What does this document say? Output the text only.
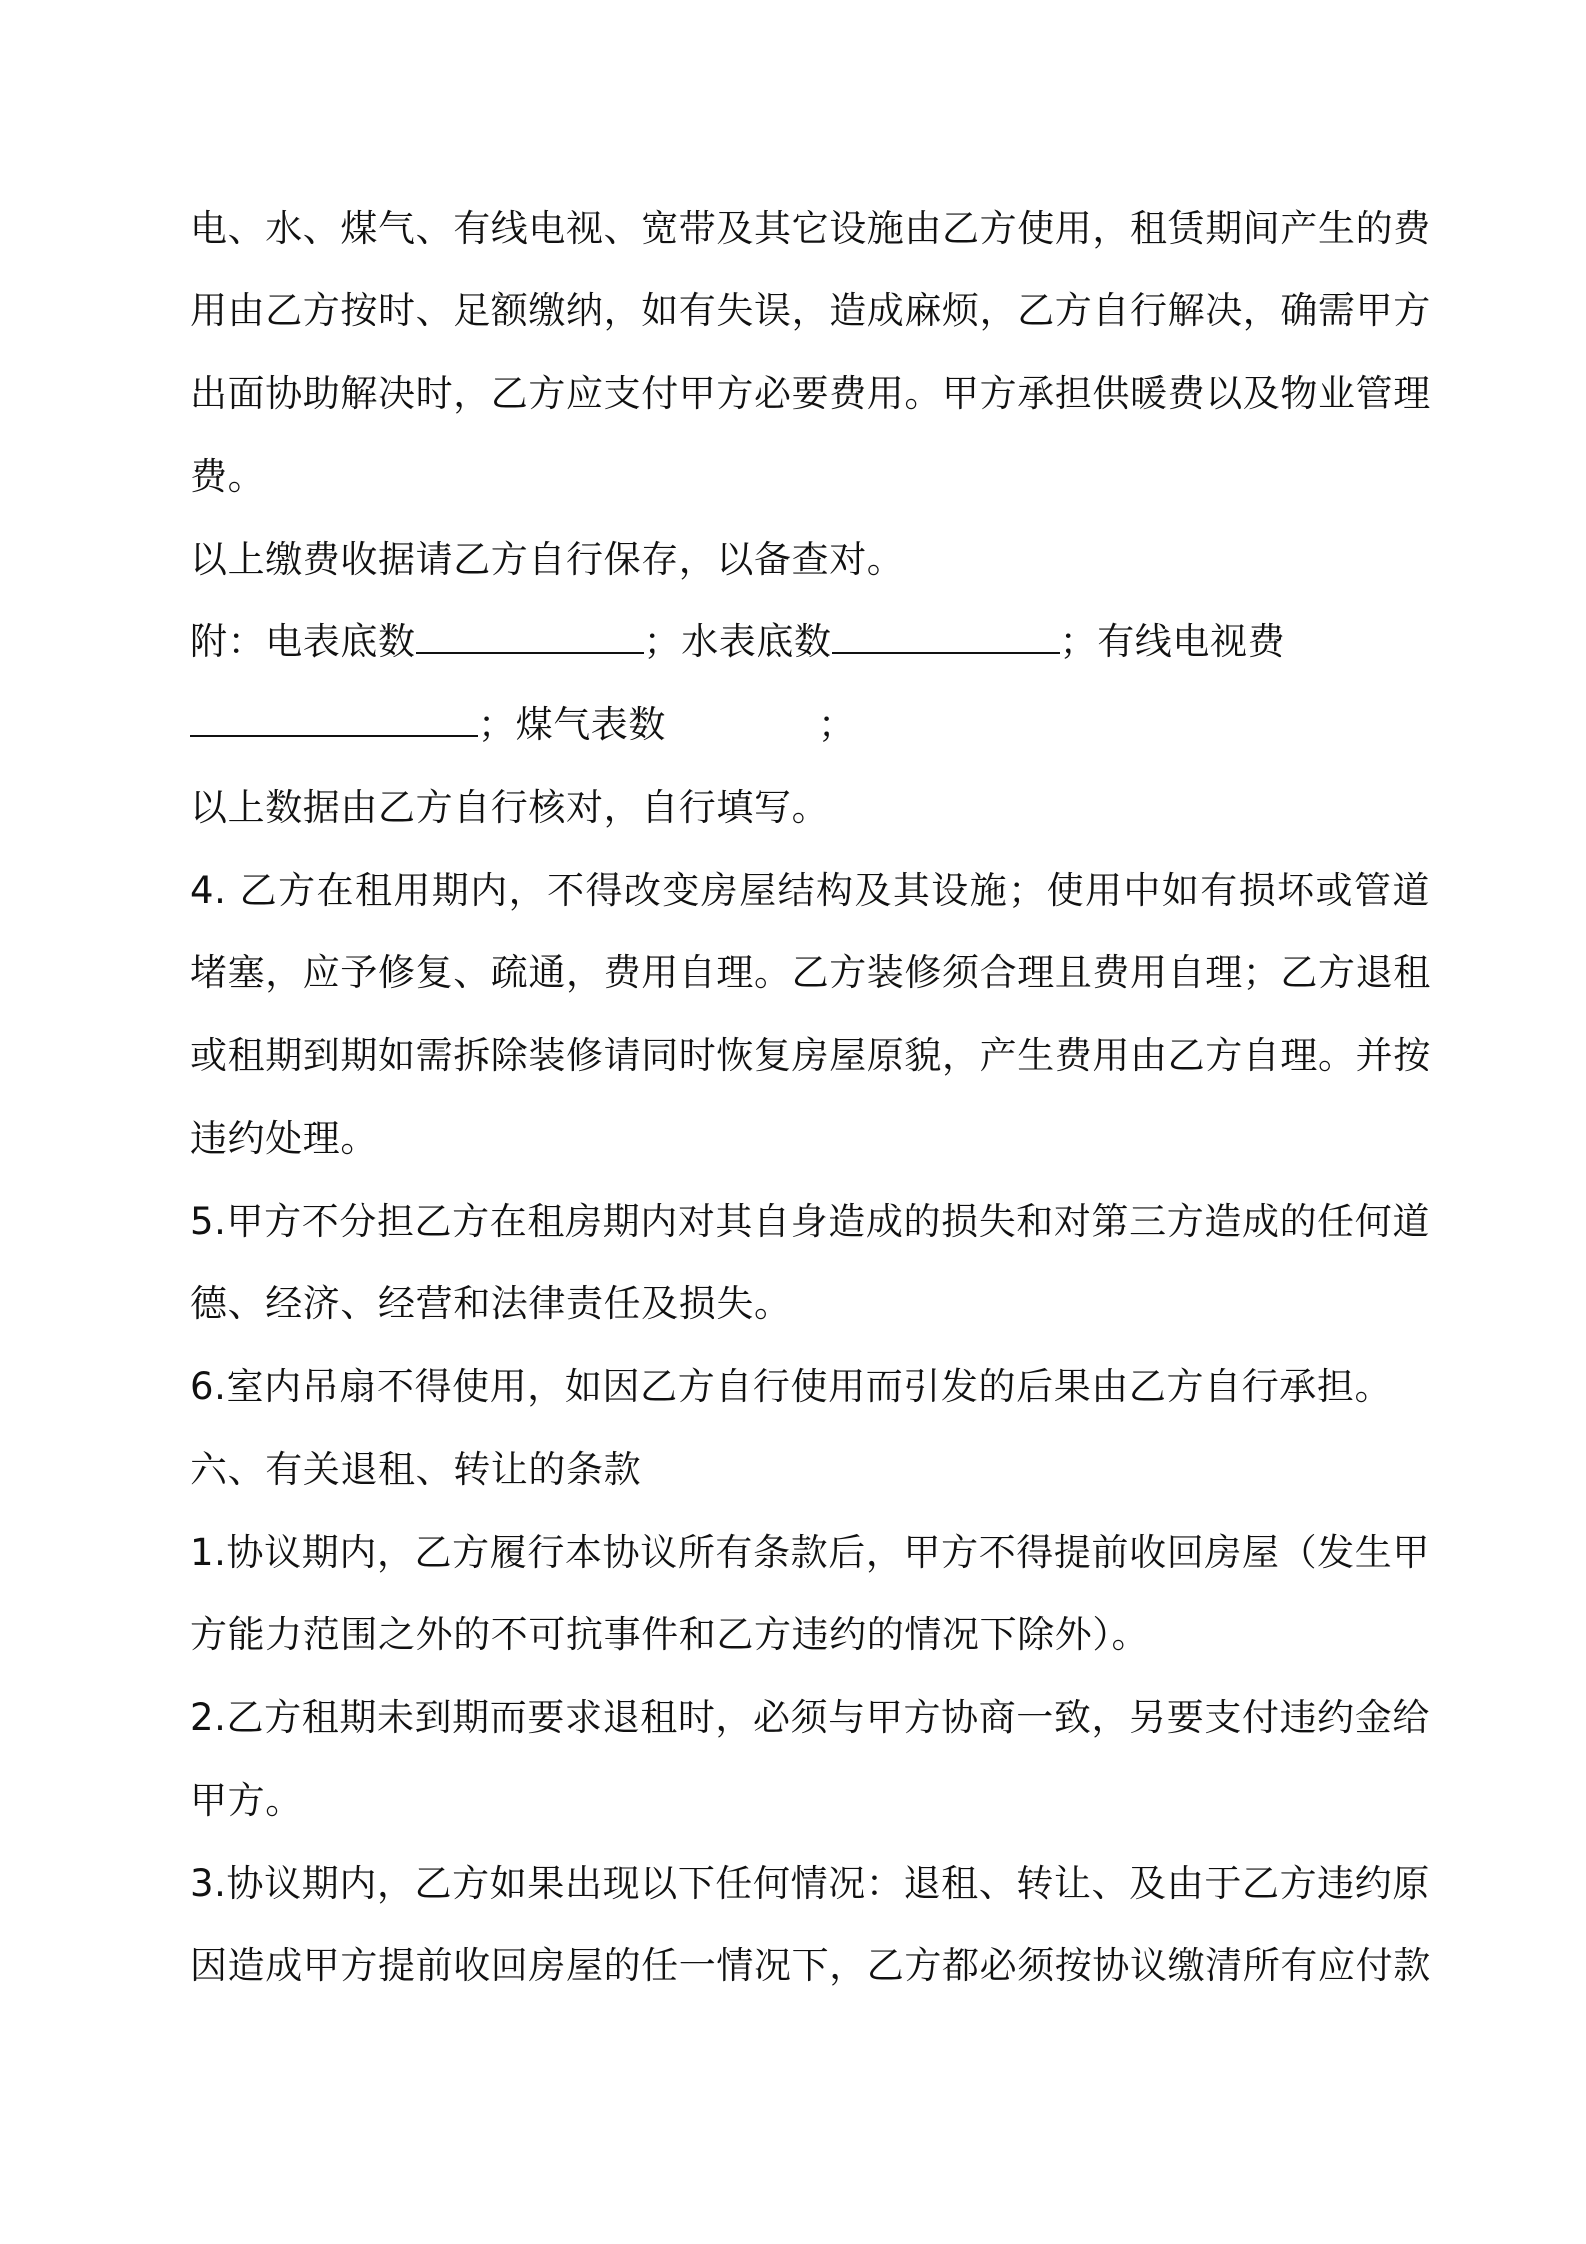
电、水、煤气、有线电视、宽带及其它设施由乙方使用，租赁期间产生的费
用由乙方按时、足额缴纳，如有失误，造成麻烦，乙方自行解决，确需甲方
出面协助解决时，乙方应支付甲方必要费用。甲方承担供暖费以及物业管理
费。
以上缴费收据请乙方自行保存，以备查对。
附：电表底数	；水表底数	；有线电视费
；煤气表数	；
以上数据由乙方自行核对，自行填写。
4. 乙方在租用期内，不得改变房屋结构及其设施；使用中如有损坏或管道
堵塞，应予修复、疏通，费用自理。乙方装修须合理且费用自理；乙方退租
或租期到期如需拆除装修请同时恢复房屋原貌，产生费用由乙方自理。并按
违约处理。
5.甲方不分担乙方在租房期内对其自身造成的损失和对第三方造成的任何道
德、经济、经营和法律责任及损失。
6.室内吊扇不得使用，如因乙方自行使用而引发的后果由乙方自行承担。
六、有关退租、转让的条款
1.协议期内，乙方履行本协议所有条款后，甲方不得提前收回房屋（发生甲
方能力范围之外的不可抗事件和乙方违约的情况下除外）。
2.乙方租期未到期而要求退租时，必须与甲方协商一致，另要支付违约金给
甲方。
3.协议期内，乙方如果出现以下任何情况：退租、转让、及由于乙方违约原
因造成甲方提前收回房屋的任一情况下，乙方都必须按协议缴清所有应付款
